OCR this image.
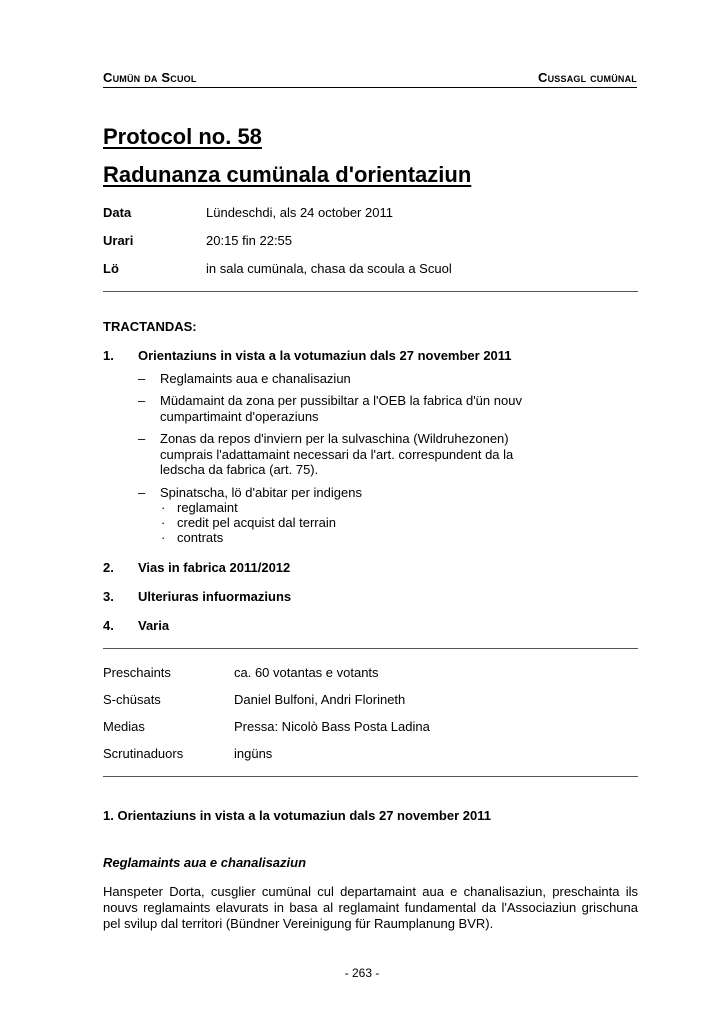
Cumün da Scuol	Cussagl cumünal
Protocol no. 58
Radunanza cumünala d'orientaziun
Data	Lündeschdi, als 24 october 2011
Urari	20:15 fin 22:55
Lö	in sala cumünala, chasa da scoula a Scuol
TRACTANDAS:
1. Orientaziuns in vista a la votumaziun dals 27 november 2011
– Reglamaints aua e chanalisaziun
– Müdamaint da zona per pussibiltar a l'OEB la fabrica d'ün nouv
cumpartimaint d'operaziuns
– Zonas da repos d'inviern per la sulvaschina (Wildruhezonen)
cumprais l'adattamaint necessari da l'art. correspundent da la
ledscha da fabrica (art. 75).
– Spinatscha, lö d'abitar per indigens
· reglamaint
· credit pel acquist dal terrain
· contrats
2. Vias in fabrica 2011/2012
3. Ulteriuras infuormaziuns
4. Varia
Preschaints	ca. 60 votantas e votants
S-chüsats	Daniel Bulfoni, Andri Florineth
Medias	Pressa: Nicolò Bass Posta Ladina
Scrutinaduors	ingüns
1. Orientaziuns in vista a la votumaziun dals 27 november 2011
Reglamaints aua e chanalisaziun
Hanspeter Dorta, cusglier cumünal cul departamaint aua e chanalisaziun, preschainta ils nouvs reglamaints elavurats in basa al reglamaint fundamental da l'Associaziun grischuna pel svilup dal territori (Bündner Vereinigung für Raumplanung BVR).
- 263 -
